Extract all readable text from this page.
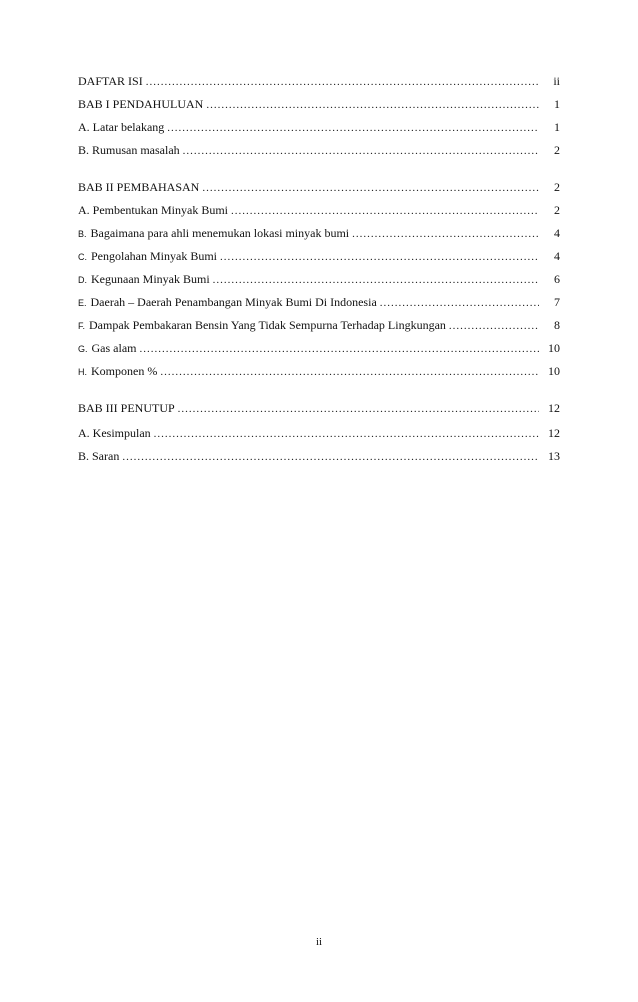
DAFTAR ISI .....	ii
BAB I PENDAHULUAN .....	1
A. Latar belakang .....	1
B. Rumusan masalah .....	2
BAB II PEMBAHASAN .....	2
A. Pembentukan Minyak Bumi .....	2
B. Bagaimana para ahli menemukan lokasi minyak bumi .....	4
C. Pengolahan Minyak Bumi .....	4
D. Kegunaan Minyak Bumi .....	6
E. Daerah – Daerah Penambangan Minyak Bumi Di Indonesia .....	7
F. Dampak Pembakaran Bensin Yang Tidak Sempurna Terhadap Lingkungan .....	8
G. Gas alam .....	10
H. Komponen % .....	10
BAB III PENUTUP .....	12
A. Kesimpulan .....	12
B. Saran .....	13
ii
